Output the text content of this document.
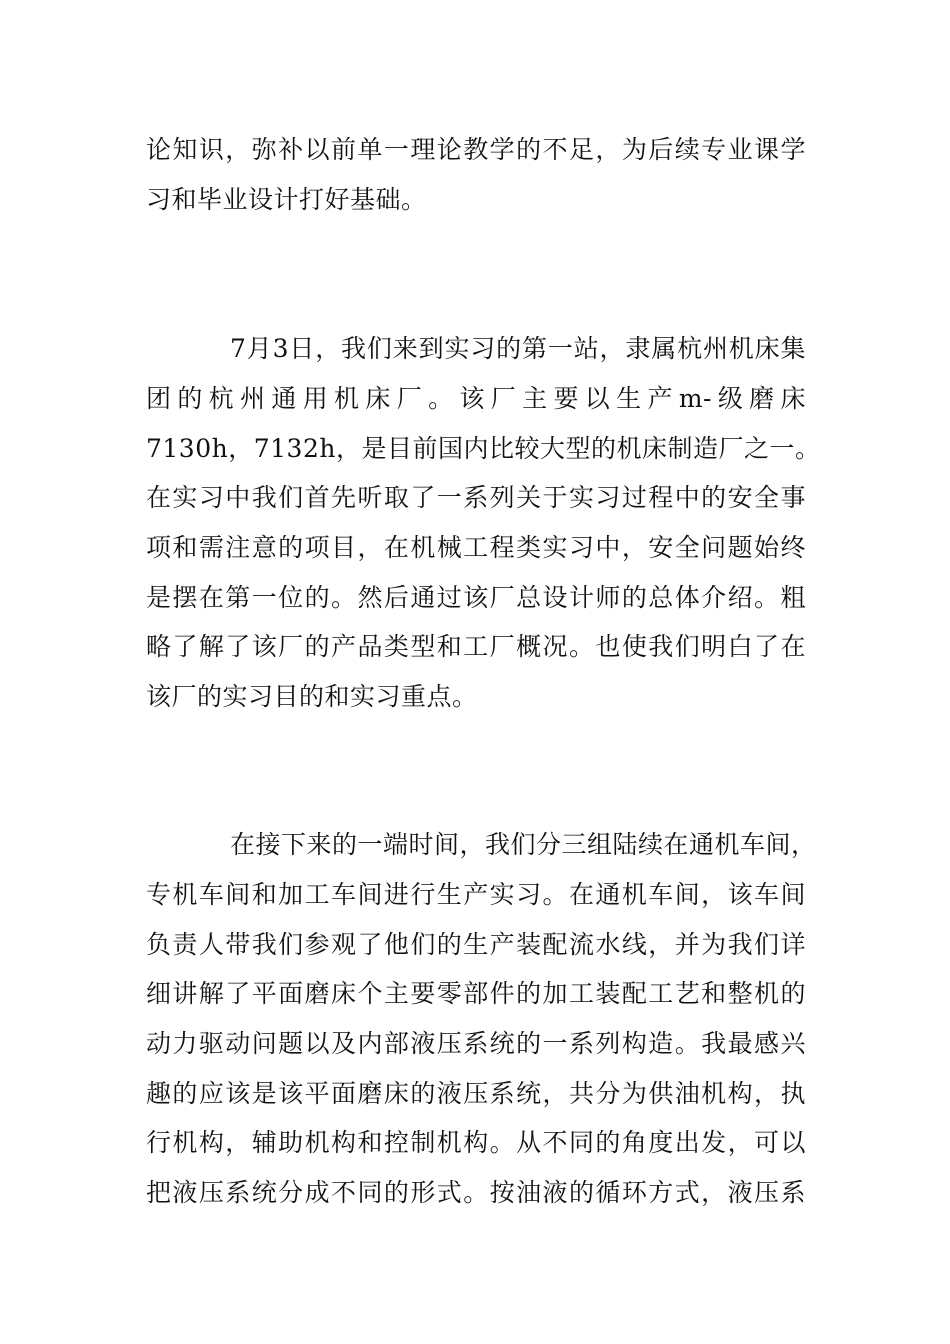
论知识，弥补以前单一理论教学的不足，为后续专业课学
习和毕业设计打好基础。
7月3日，我们来到实习的第一站，隶属杭州机床集
团的杭州通用机床厂。该厂主要以生产m-级磨床
7130h，7132h，是目前国内比较大型的机床制造厂之一。
在实习中我们首先听取了一系列关于实习过程中的安全事
项和需注意的项目，在机械工程类实习中，安全问题始终
是摆在第一位的。然后通过该厂总设计师的总体介绍。粗
略了解了该厂的产品类型和工厂概况。也使我们明白了在
该厂的实习目的和实习重点。
在接下来的一端时间，我们分三组陆续在通机车间，
专机车间和加工车间进行生产实习。在通机车间，该车间
负责人带我们参观了他们的生产装配流水线，并为我们详
细讲解了平面磨床个主要零部件的加工装配工艺和整机的
动力驱动问题以及内部液压系统的一系列构造。我最感兴
趣的应该是该平面磨床的液压系统，共分为供油机构，执
行机构，辅助机构和控制机构。从不同的角度出发，可以
把液压系统分成不同的形式。按油液的循环方式，液压系
